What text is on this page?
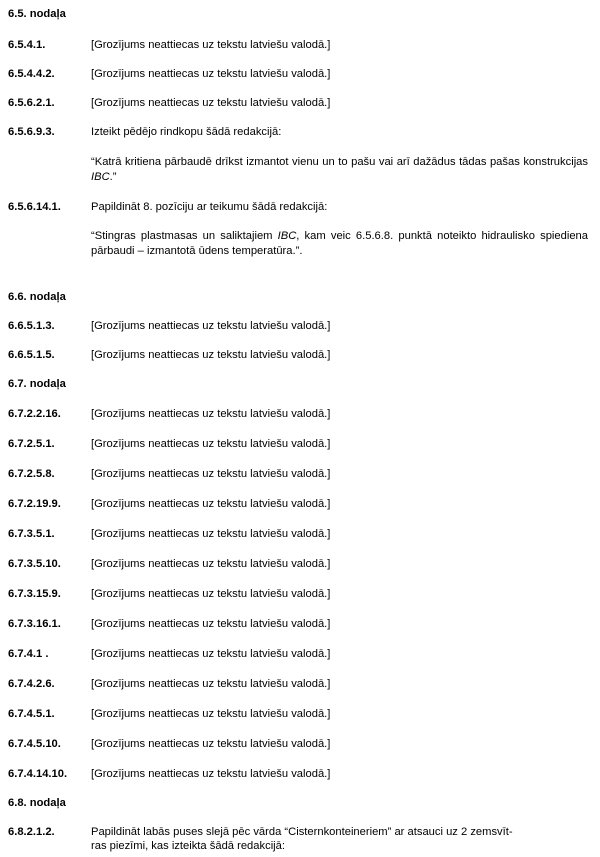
6.5. nodaļa
6.5.4.1.	[Grozījums neattiecas uz tekstu latviešu valodā.]
6.5.4.4.2.	[Grozījums neattiecas uz tekstu latviešu valodā.]
6.5.6.2.1.	[Grozījums neattiecas uz tekstu latviešu valodā.]
6.5.6.9.3.	Izteikt pēdējo rindkopu šādā redakcijā:
“Katrā kritiena pārbaudē drīkst izmantot vienu un to pašu vai arī dažādus tādas pašas konstrukcijas IBC.”
6.5.6.14.1.	Papildināt 8. pozīciju ar teikumu šādā redakcijā:
“Stingras plastmasas un saliktajiem IBC, kam veic 6.5.6.8. punktā noteikto hidraulisko spiediena pārbaudi – izmantotā ūdens temperatūra.”.
6.6. nodaļa
6.6.5.1.3.	[Grozījums neattiecas uz tekstu latviešu valodā.]
6.6.5.1.5.	[Grozījums neattiecas uz tekstu latviešu valodā.]
6.7. nodaļa
6.7.2.2.16.	[Grozījums neattiecas uz tekstu latviešu valodā.]
6.7.2.5.1.	[Grozījums neattiecas uz tekstu latviešu valodā.]
6.7.2.5.8.	[Grozījums neattiecas uz tekstu latviešu valodā.]
6.7.2.19.9.	[Grozījums neattiecas uz tekstu latviešu valodā.]
6.7.3.5.1.	[Grozījums neattiecas uz tekstu latviešu valodā.]
6.7.3.5.10.	[Grozījums neattiecas uz tekstu latviešu valodā.]
6.7.3.15.9.	[Grozījums neattiecas uz tekstu latviešu valodā.]
6.7.3.16.1.	[Grozījums neattiecas uz tekstu latviešu valodā.]
6.7.4.1 .	[Grozījums neattiecas uz tekstu latviešu valodā.]
6.7.4.2.6.	[Grozījums neattiecas uz tekstu latviešu valodā.]
6.7.4.5.1.	[Grozījums neattiecas uz tekstu latviešu valodā.]
6.7.4.5.10.	[Grozījums neattiecas uz tekstu latviešu valodā.]
6.7.4.14.10. [Grozījums neattiecas uz tekstu latviešu valodā.]
6.8. nodaļa
6.8.2.1.2.	Papildināt labās puses slejā pēc vārda “Cisternkonteineriem” ar atsauci uz 2 zemsvīt-
ras piezīmi, kas izteikta šādā redakcijā:
